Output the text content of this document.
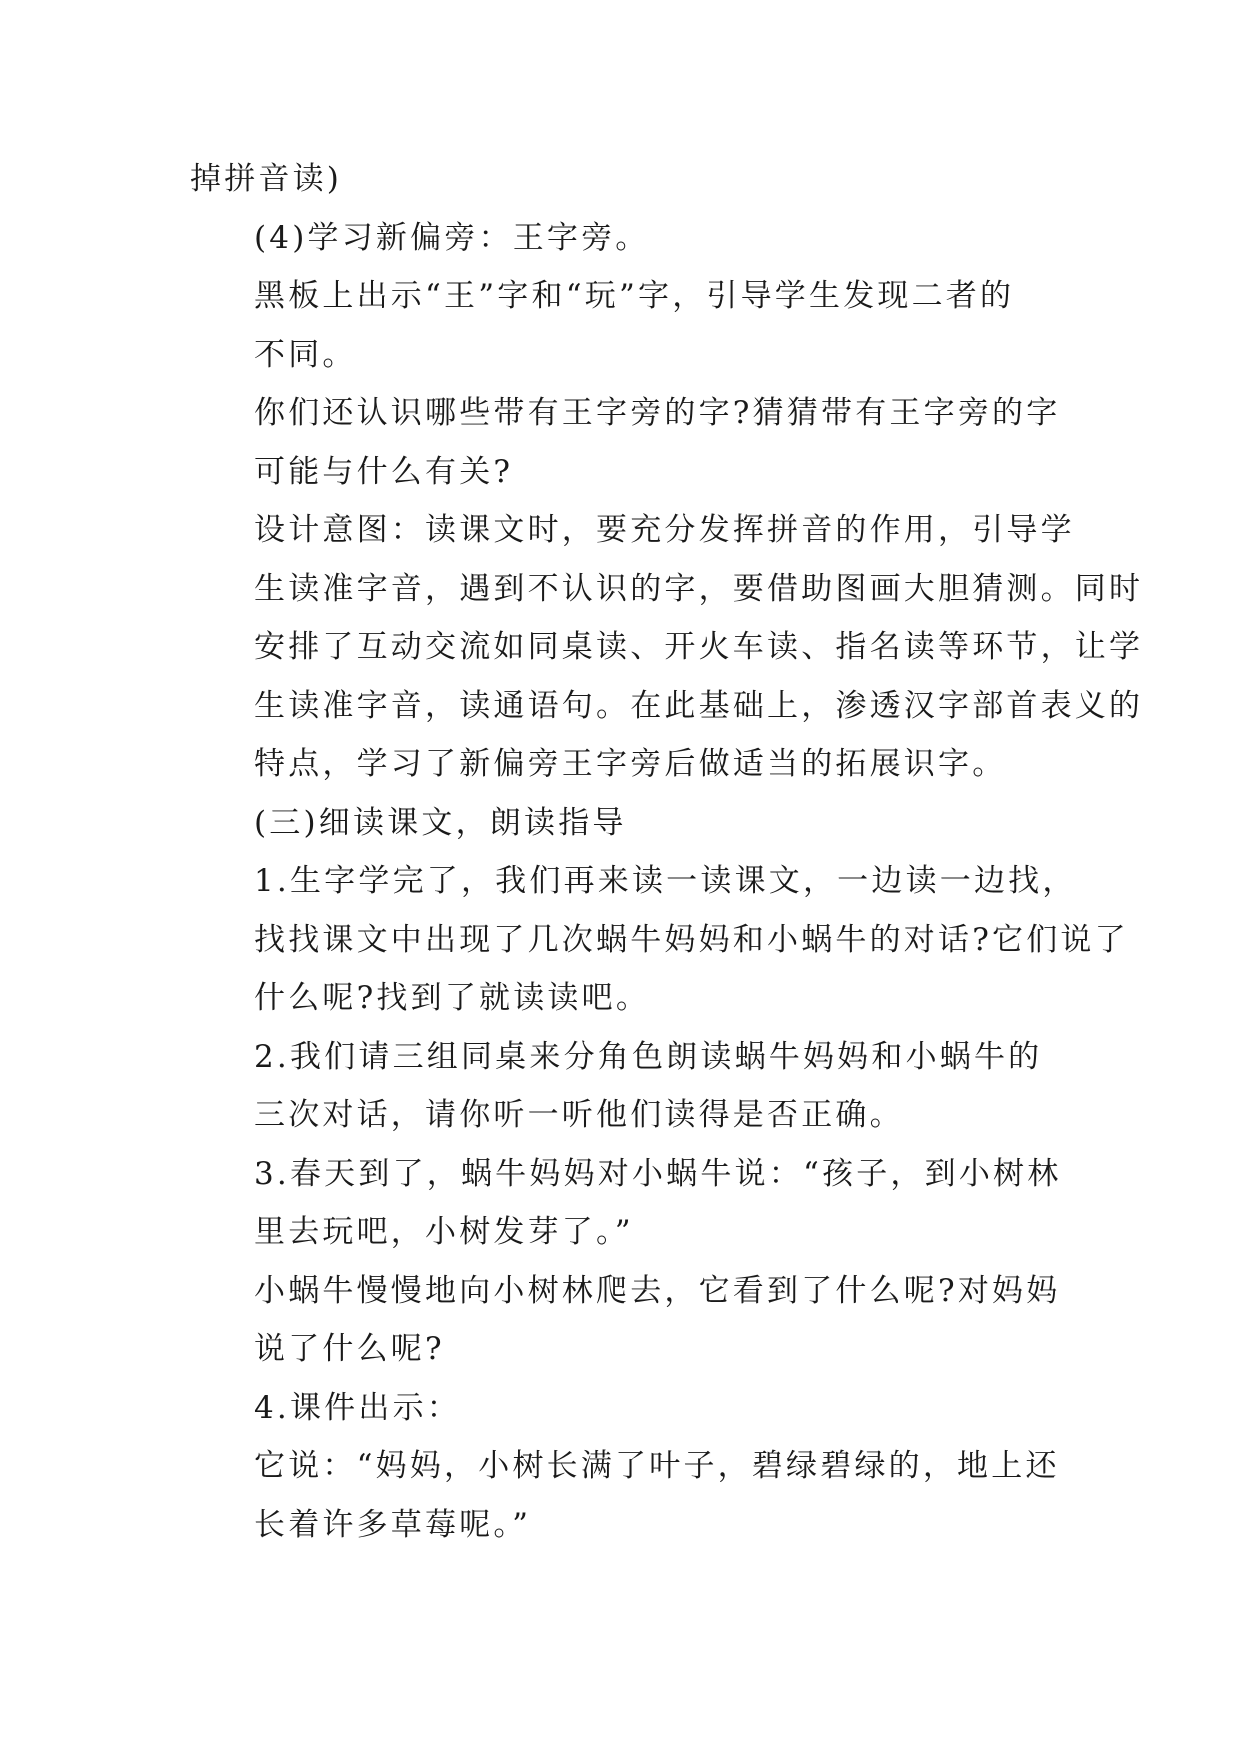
掉拼音读)

(4)学习新偏旁：王字旁。

黑板上出示“王”字和“玩”字，引导学生发现二者的
不同。

你们还认识哪些带有王字旁的字?猜猜带有王字旁的字
可能与什么有关?

设计意图：读课文时，要充分发挥拼音的作用，引导学
生读准字音，遇到不认识的字，要借助图画大胆猜测。同时
安排了互动交流如同桌读、开火车读、指名读等环节，让学
生读准字音，读通语句。在此基础上，渗透汉字部首表义的
特点，学习了新偏旁王字旁后做适当的拓展识字。

(三)细读课文，朗读指导

1.生字学完了，我们再来读一读课文，一边读一边找，
找找课文中出现了几次蜗牛妈妈和小蜗牛的对话?它们说了
什么呢?找到了就读读吧。

2.我们请三组同桌来分角色朗读蜗牛妈妈和小蜗牛的
三次对话，请你听一听他们读得是否正确。

3.春天到了，蜗牛妈妈对小蜗牛说：“孩子，到小树林
里去玩吧，小树发芽了。”

小蜗牛慢慢地向小树林爬去，它看到了什么呢?对妈妈
说了什么呢?

4.课件出示：

它说：“妈妈，小树长满了叶子，碧绿碧绿的，地上还
长着许多草莓呢。”
